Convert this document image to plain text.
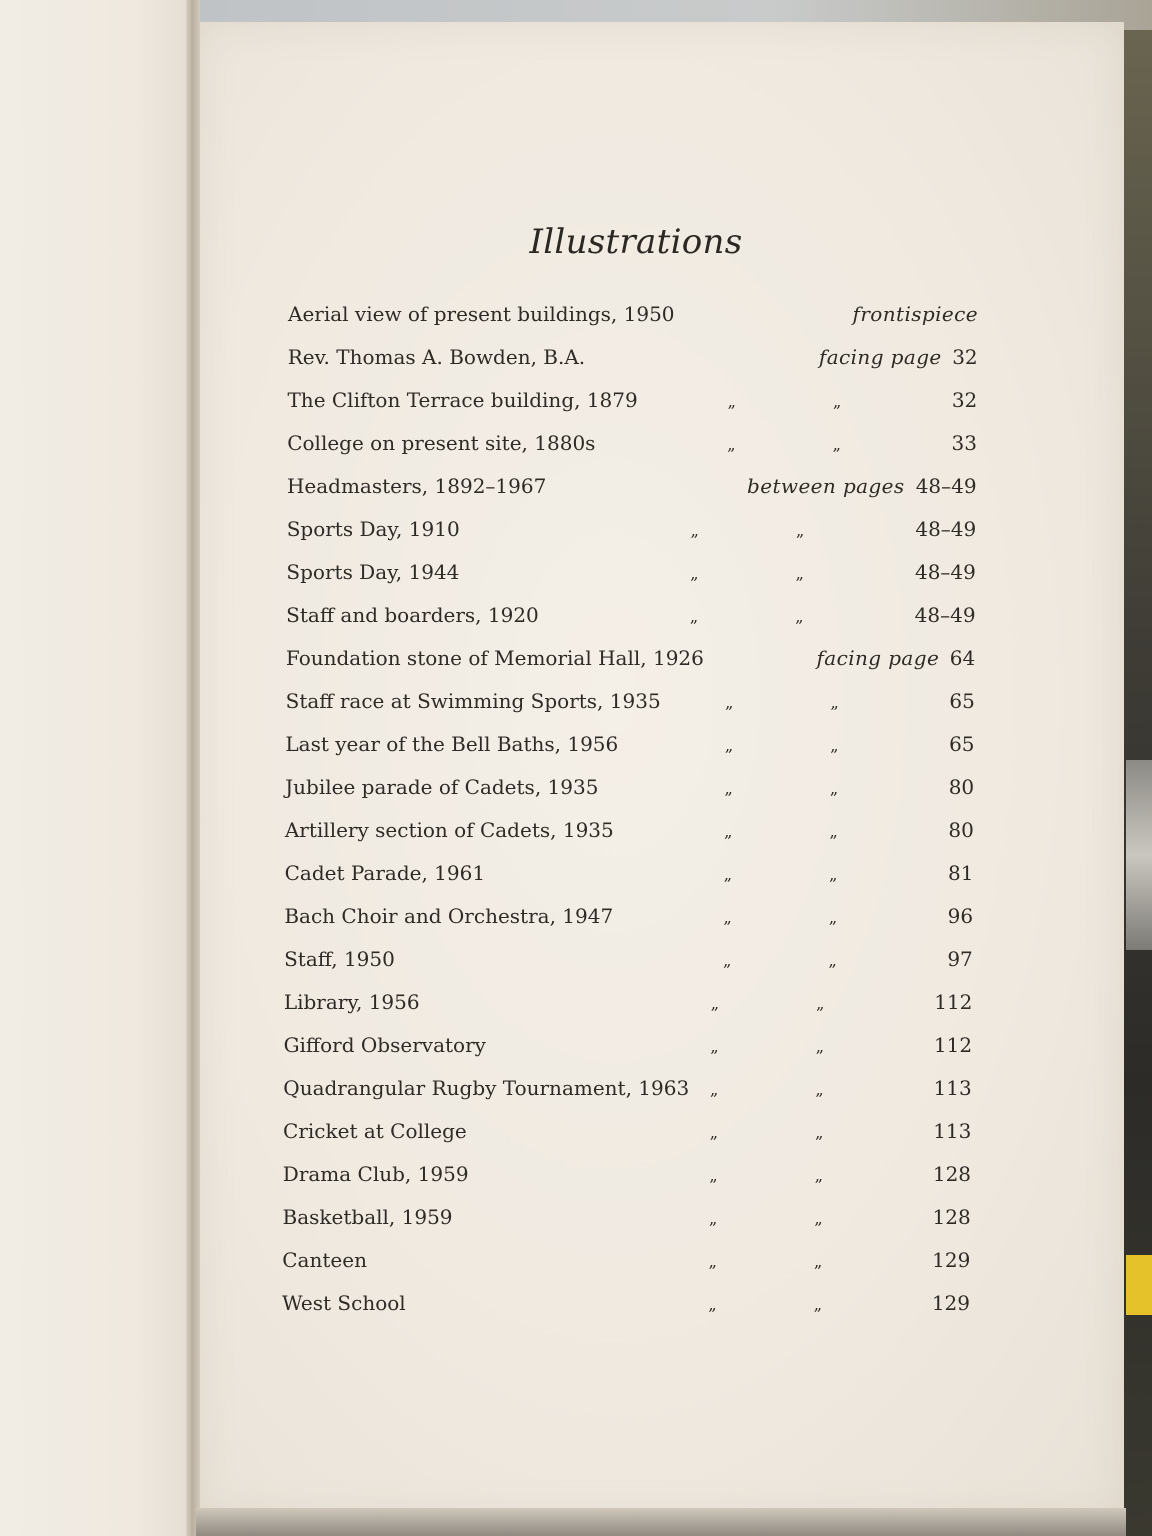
Illustrations
Aerial view of present buildings, 1950	frontispiece
Rev. Thomas A. Bowden, B.A.	facing page 32
The Clifton Terrace building, 1879	„ „	32
College on present site, 1880s	„ „	33
Headmasters, 1892–1967	between pages 48–49
Sports Day, 1910	„ „	48–49
Sports Day, 1944	„ „	48–49
Staff and boarders, 1920	„ „	48–49
Foundation stone of Memorial Hall, 1926	facing page 64
Staff race at Swimming Sports, 1935	„ „	65
Last year of the Bell Baths, 1956	„ „	65
Jubilee parade of Cadets, 1935	„ „	80
Artillery section of Cadets, 1935	„ „	80
Cadet Parade, 1961	„ „	81
Bach Choir and Orchestra, 1947	„ „	96
Staff, 1950	„ „	97
Library, 1956	„ „	112
Gifford Observatory	„ „	112
Quadrangular Rugby Tournament, 1963 „ „	113
Cricket at College	„ „	113
Drama Club, 1959	„ „	128
Basketball, 1959	„ „	128
Canteen	„ „	129
West School	„ „	129
